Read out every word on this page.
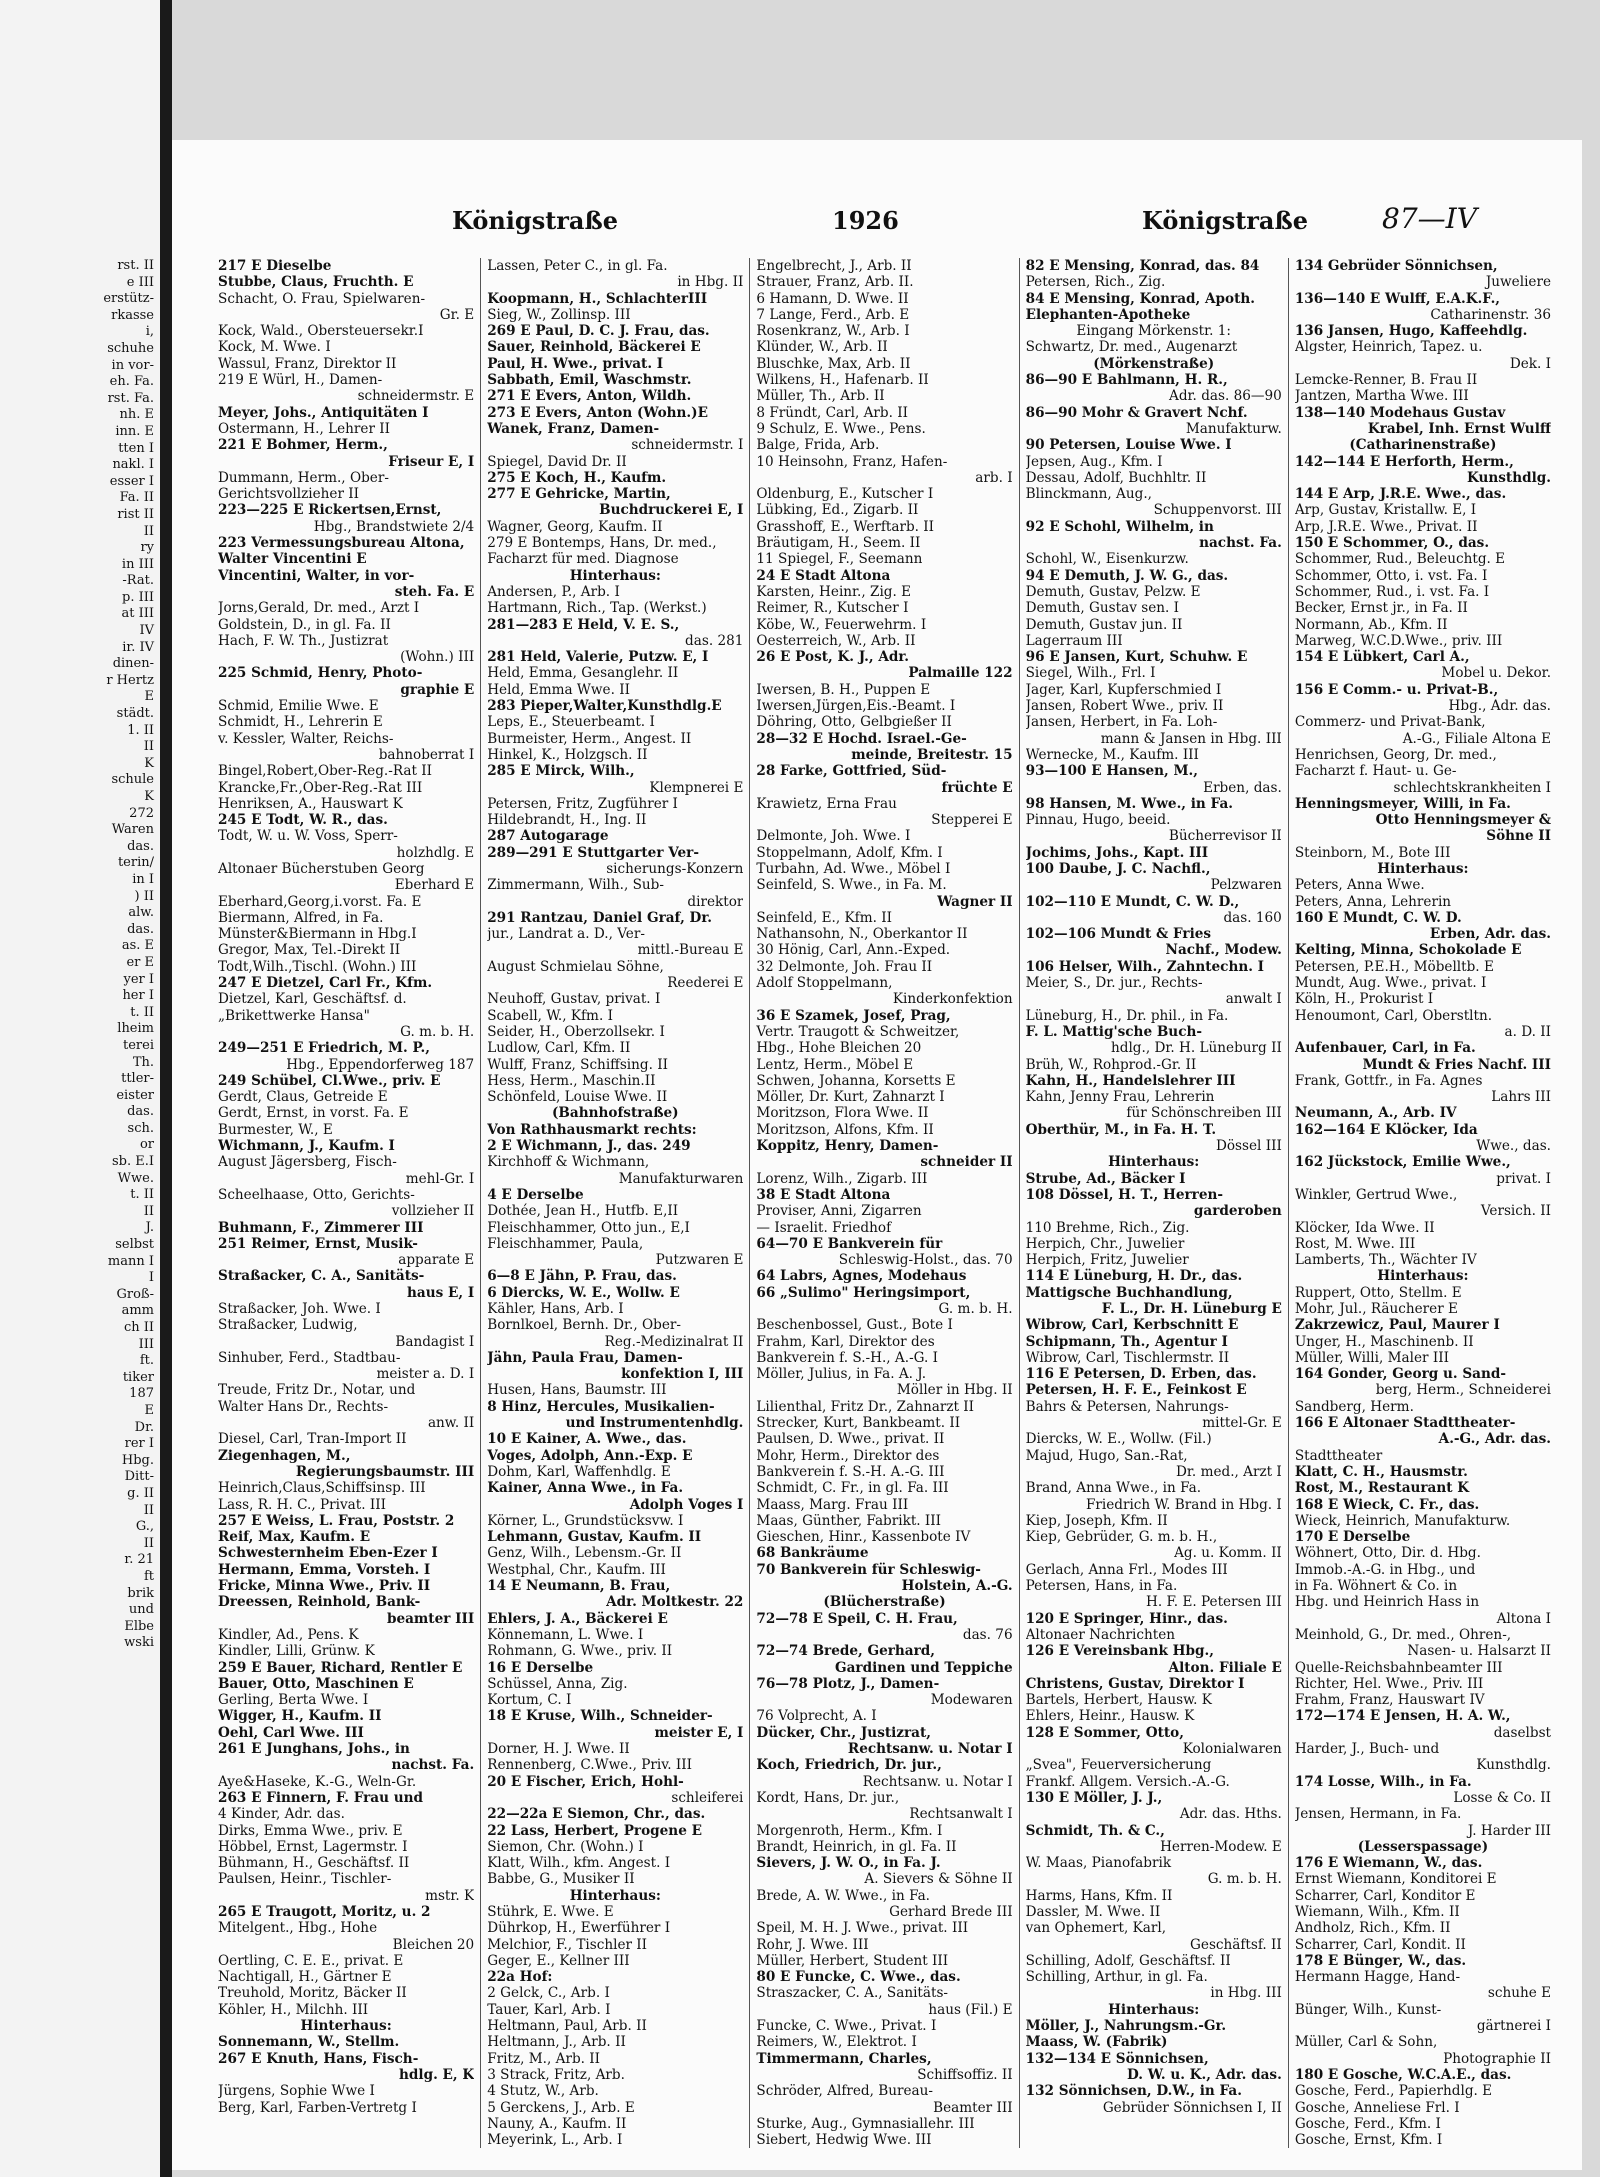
rst. II
e III
erstütz-
rkasse
i,
schuhe
in vor-
eh. Fa.
rst. Fa.
nh. E
inn. E
tten I
nakl. I
esser I
Fa. II
rist II
II
ry
in III
-Rat.
p. III
at III
IV
ir. IV
dinen-
r Hertz
E
städt.
1. II
II
K
schule
K
272
Waren
das.
terin/
in I
) II
alw.
das.
as. E
er E
yer I
her I
t. II
lheim
terei
Th.
ttler-
eister
das.
sch.
or
sb. E.I
Wwe.
t. II
II
J.
selbst
mann I
I
Groß-
amm
ch II
III
ft.
tiker
187
E
Dr.
rer I
Hbg.
Ditt-
g. II
II
G.,
II
r. 21
ft
brik
und
Elbe
wski
Königstraße	1926	Königstraße	87—IV
217 E Dieselbe
Stubbe, Claus, Fruchth. E
Schacht, O. Frau, Spielwaren-
Gr. E
Kock, Wald., Obersteuersekr.I
Kock, M. Wwe. I
Wassul, Franz, Direktor II
219 E Würl, H., Damen-
schneidermstr. E
Meyer, Johs., Antiquitäten I
Ostermann, H., Lehrer II
221 E Bohmer, Herm.,
Friseur E, I
Dummann, Herm., Ober-
Gerichtsvollzieher II
223—225 E Rickertsen,Ernst,
Hbg., Brandstwiete 2/4
223 Vermessungsbureau Altona,
Walter Vincentini E
Vincentini, Walter, in vor-
steh. Fa. E
Jorns,Gerald, Dr. med., Arzt I
Goldstein, D., in gl. Fa. II
Hach, F. W. Th., Justizrat
(Wohn.) III
225 Schmid, Henry, Photo-
graphie E
Schmid, Emilie Wwe. E
Schmidt, H., Lehrerin E
v. Kessler, Walter, Reichs-
bahnoberrat I
Bingel,Robert,Ober-Reg.-Rat II
Krancke,Fr.,Ober-Reg.-Rat III
Henriksen, A., Hauswart K
245 E Todt, W. R., das.
Todt, W. u. W. Voss, Sperr-
holzhdlg. E
Altonaer Bücherstuben Georg
Eberhard E
Eberhard,Georg,i.vorst. Fa. E
Biermann, Alfred, in Fa.
Münster&Biermann in Hbg.I
Gregor, Max, Tel.-Direkt II
Todt,Wilh.,Tischl. (Wohn.) III
247 E Dietzel, Carl Fr., Kfm.
Dietzel, Karl, Geschäftsf. d.
„Brikettwerke Hansa"
G. m. b. H.
249—251 E Friedrich, M. P.,
Hbg., Eppendorferweg 187
249 Schübel, Cl.Wwe., priv. E
Gerdt, Claus, Getreide E
Gerdt, Ernst, in vorst. Fa. E
Burmester, W., E
Wichmann, J., Kaufm. I
August Jägersberg, Fisch-
mehl-Gr. I
Scheelhaase, Otto, Gerichts-
vollzieher II
Buhmann, F., Zimmerer III
251 Reimer, Ernst, Musik-
apparate E
Straßacker, C. A., Sanitäts-
haus E, I
Straßacker, Joh. Wwe. I
Straßacker, Ludwig,
Bandagist I
Sinhuber, Ferd., Stadtbau-
meister a. D. I
Treude, Fritz Dr., Notar, und
Walter Hans Dr., Rechts-
anw. II
Diesel, Carl, Tran-Import II
Ziegenhagen, M.,
Regierungsbaumstr. III
Heinrich,Claus,Schiffsinsp. III
Lass, R. H. C., Privat. III
257 E Weiss, L. Frau, Poststr. 2
Reif, Max, Kaufm. E
Schwesternheim Eben-Ezer I
Hermann, Emma, Vorsteh. I
Fricke, Minna Wwe., Priv. II
Dreessen, Reinhold, Bank-
beamter III
Kindler, Ad., Pens. K
Kindler, Lilli, Grünw. K
259 E Bauer, Richard, Rentler E
Bauer, Otto, Maschinen E
Gerling, Berta Wwe. I
Wigger, H., Kaufm. II
Oehl, Carl Wwe. III
261 E Junghans, Johs., in
nachst. Fa.
Aye&Haseke, K.-G., Weln-Gr.
263 E Finnern, F. Frau und
4 Kinder, Adr. das.
Dirks, Emma Wwe., priv. E
Höbbel, Ernst, Lagermstr. I
Bühmann, H., Geschäftsf. II
Paulsen, Heinr., Tischler-
mstr. K
265 E Traugott, Moritz, u. 2
Mitelgent., Hbg., Hohe
Bleichen 20
Oertling, C. E. E., privat. E
Nachtigall, H., Gärtner E
Treuhold, Moritz, Bäcker II
Köhler, H., Milchh. III
Hinterhaus:
Sonnemann, W., Stellm.
267 E Knuth, Hans, Fisch-
hdlg. E, K
Jürgens, Sophie Wwe I
Berg, Karl, Farben-Vertretg I
Lassen, Peter C., in gl. Fa.
in Hbg. II
Koopmann, H., SchlachterIII
Sieg, W., Zollinsp. III
269 E Paul, D. C. J. Frau, das.
Sauer, Reinhold, Bäckerei E
Paul, H. Wwe., privat. I
Sabbath, Emil, Waschmstr.
271 E Evers, Anton, Wildh.
273 E Evers, Anton (Wohn.)E
Wanek, Franz, Damen-
schneidermstr. I
Spiegel, David Dr. II
275 E Koch, H., Kaufm.
277 E Gehricke, Martin,
Buchdruckerei E, I
Wagner, Georg, Kaufm. II
279 E Bontemps, Hans, Dr. med.,
Facharzt für med. Diagnose
Hinterhaus:
Andersen, P., Arb. I
Hartmann, Rich., Tap. (Werkst.)
281—283 E Held, V. E. S.,
das. 281
281 Held, Valerie, Putzw. E, I
Held, Emma, Gesanglehr. II
Held, Emma Wwe. II
283 Pieper,Walter,Kunsthdlg.E
Leps, E., Steuerbeamt. I
Burmeister, Herm., Angest. II
Hinkel, K., Holzgsch. II
285 E Mirck, Wilh.,
Klempnerei E
Petersen, Fritz, Zugführer I
Hildebrandt, H., Ing. II
287 Autogarage
289—291 E Stuttgarter Ver-
sicherungs-Konzern
Zimmermann, Wilh., Sub-
direktor
291 Rantzau, Daniel Graf, Dr.
jur., Landrat a. D., Ver-
mittl.-Bureau E
August Schmielau Söhne,
Reederei E
Neuhoff, Gustav, privat. I
Scabell, W., Kfm. I
Seider, H., Oberzollsekr. I
Ludlow, Carl, Kfm. II
Wulff, Franz, Schiffsing. II
Hess, Herm., Maschin.II
Schönfeld, Louise Wwe. II
(Bahnhofstraße)
Von Rathhausmarkt rechts:
2 E Wichmann, J., das. 249
Kirchhoff & Wichmann,
Manufakturwaren
4 E Derselbe
Dothée, Jean H., Hutfb. E,II
Fleischhammer, Otto jun., E,I
Fleischhammer, Paula,
Putzwaren E
6—8 E Jähn, P. Frau, das.
6 Diercks, W. E., Wollw. E
Kähler, Hans, Arb. I
Bornlkoel, Bernh. Dr., Ober-
Reg.-Medizinalrat II
Jähn, Paula Frau, Damen-
konfektion I, III
Husen, Hans, Baumstr. III
8 Hinz, Hercules, Musikalien-
und Instrumentenhdlg.
10 E Kainer, A. Wwe., das.
Voges, Adolph, Ann.-Exp. E
Dohm, Karl, Waffenhdlg. E
Kainer, Anna Wwe., in Fa.
Adolph Voges I
Körner, L., Grundstücksvw. I
Lehmann, Gustav, Kaufm. II
Genz, Wilh., Lebensm.-Gr. II
Westphal, Chr., Kaufm. III
14 E Neumann, B. Frau,
Adr. Moltkestr. 22
Ehlers, J. A., Bäckerei E
Könnemann, L. Wwe. I
Rohmann, G. Wwe., priv. II
16 E Derselbe
Schüssel, Anna, Zig.
Kortum, C. I
18 E Kruse, Wilh., Schneider-
meister E, I
Dorner, H. J. Wwe. II
Rennenberg, C.Wwe., Priv. III
20 E Fischer, Erich, Hohl-
schleiferei
22—22a E Siemon, Chr., das.
22 Lass, Herbert, Progene E
Siemon, Chr. (Wohn.) I
Klatt, Wilh., kfm. Angest. I
Babbe, G., Musiker II
Hinterhaus:
Stührk, E. Wwe. E
Dührkop, H., Ewerführer I
Melchior, F., Tischler II
Geger, E., Kellner III
22a Hof:
2 Gelck, C., Arb. I
Tauer, Karl, Arb. I
Heltmann, Paul, Arb. II
Heltmann, J., Arb. II
Fritz, M., Arb. II
3 Strack, Fritz, Arb.
4 Stutz, W., Arb.
5 Gerckens, J., Arb. E
Nauny, A., Kaufm. II
Meyerink, L., Arb. I
Engelbrecht, J., Arb. II
Strauer, Franz, Arb. II.
6 Hamann, D. Wwe. II
7 Lange, Ferd., Arb. E
Rosenkranz, W., Arb. I
Klünder, W., Arb. II
Bluschke, Max, Arb. II
Wilkens, H., Hafenarb. II
Müller, Th., Arb. II
8 Fründt, Carl, Arb. II
9 Schulz, E. Wwe., Pens.
Balge, Frida, Arb.
10 Heinsohn, Franz, Hafen-
arb. I
Oldenburg, E., Kutscher I
Lübking, Ed., Zigarb. II
Grasshoff, E., Werftarb. II
Bräutigam, H., Seem. II
11 Spiegel, F., Seemann
24 E Stadt Altona
Karsten, Heinr., Zig. E
Reimer, R., Kutscher I
Köbe, W., Feuerwehrm. I
Oesterreich, W., Arb. II
26 E Post, K. J., Adr.
Palmaille 122
Iwersen, B. H., Puppen E
Iwersen,Jürgen,Eis.-Beamt. I
Döhring, Otto, Gelbgießer II
28—32 E Hochd. Israel.-Ge-
meinde, Breitestr. 15
28 Farke, Gottfried, Süd-
früchte E
Krawietz, Erna Frau
Stepperei E
Delmonte, Joh. Wwe. I
Stoppelmann, Adolf, Kfm. I
Turbahn, Ad. Wwe., Möbel I
Seinfeld, S. Wwe., in Fa. M.
Wagner II
Seinfeld, E., Kfm. II
Nathansohn, N., Oberkantor II
30 Hönig, Carl, Ann.-Exped.
32 Delmonte, Joh. Frau II
Adolf Stoppelmann,
Kinderkonfektion
36 E Szamek, Josef, Prag,
Vertr. Traugott & Schweitzer,
Hbg., Hohe Bleichen 20
Lentz, Herm., Möbel E
Schwen, Johanna, Korsetts E
Möller, Dr. Kurt, Zahnarzt I
Moritzson, Flora Wwe. II
Moritzson, Alfons, Kfm. II
Koppitz, Henry, Damen-
schneider II
Lorenz, Wilh., Zigarb. III
38 E Stadt Altona
Proviser, Anni, Zigarren
— Israelit. Friedhof
64—70 E Bankverein für
Schleswig-Holst., das. 70
64 Labrs, Agnes, Modehaus
66 „Sulimo" Heringsimport,
G. m. b. H.
Beschenbossel, Gust., Bote I
Frahm, Karl, Direktor des
Bankverein f. S.-H., A.-G. I
Möller, Julius, in Fa. A. J.
Möller in Hbg. II
Lilienthal, Fritz Dr., Zahnarzt II
Strecker, Kurt, Bankbeamt. II
Paulsen, D. Wwe., privat. II
Mohr, Herm., Direktor des
Bankverein f. S.-H. A.-G. III
Schmidt, C. Fr., in gl. Fa. III
Maass, Marg. Frau III
Maas, Günther, Fabrikt. III
Gieschen, Hinr., Kassenbote IV
68 Bankräume
70 Bankverein für Schleswig-
Holstein, A.-G.
(Blücherstraße)
72—78 E Speil, C. H. Frau,
das. 76
72—74 Brede, Gerhard,
Gardinen und Teppiche
76—78 Plotz, J., Damen-
Modewaren
76 Volprecht, A. I
Dücker, Chr., Justizrat,
Rechtsanw. u. Notar I
Koch, Friedrich, Dr. jur.,
Rechtsanw. u. Notar I
Kordt, Hans, Dr. jur.,
Rechtsanwalt I
Morgenroth, Herm., Kfm. I
Brandt, Heinrich, in gl. Fa. II
Sievers, J. W. O., in Fa. J.
A. Sievers & Söhne II
Brede, A. W. Wwe., in Fa.
Gerhard Brede III
Speil, M. H. J. Wwe., privat. III
Rohr, J. Wwe. III
Müller, Herbert, Student III
80 E Funcke, C. Wwe., das.
Straszacker, C. A., Sanitäts-
haus (Fil.) E
Funcke, C. Wwe., Privat. I
Reimers, W., Elektrot. I
Timmermann, Charles,
Schiffsoffiz. II
Schröder, Alfred, Bureau-
Beamter III
Sturke, Aug., Gymnasiallehr. III
Siebert, Hedwig Wwe. III
82 E Mensing, Konrad, das. 84
Petersen, Rich., Zig.
84 E Mensing, Konrad, Apoth.
Elephanten-Apotheke
Eingang Mörkenstr. 1:
Schwartz, Dr. med., Augenarzt
(Mörkenstraße)
86—90 E Bahlmann, H. R.,
Adr. das. 86—90
86—90 Mohr & Gravert Nchf.
Manufakturw.
90 Petersen, Louise Wwe. I
Jepsen, Aug., Kfm. I
Dessau, Adolf, Buchhltr. II
Blinckmann, Aug.,
Schuppenvorst. III
92 E Schohl, Wilhelm, in
nachst. Fa.
Schohl, W., Eisenkurzw.
94 E Demuth, J. W. G., das.
Demuth, Gustav, Pelzw. E
Demuth, Gustav sen. I
Demuth, Gustav jun. II
Lagerraum III
96 E Jansen, Kurt, Schuhw. E
Siegel, Wilh., Frl. I
Jager, Karl, Kupferschmied I
Jansen, Robert Wwe., priv. II
Jansen, Herbert, in Fa. Loh-
mann & Jansen in Hbg. III
Wernecke, M., Kaufm. III
93—100 E Hansen, M.,
Erben, das.
98 Hansen, M. Wwe., in Fa.
Pinnau, Hugo, beeid.
Bücherrevisor II
Jochims, Johs., Kapt. III
100 Daube, J. C. Nachfl.,
Pelzwaren
102—110 E Mundt, C. W. D.,
das. 160
102—106 Mundt & Fries
Nachf., Modew.
106 Helser, Wilh., Zahntechn. I
Meier, S., Dr. jur., Rechts-
anwalt I
Lüneburg, H., Dr. phil., in Fa.
F. L. Mattig'sche Buch-
hdlg., Dr. H. Lüneburg II
Brüh, W., Rohprod.-Gr. II
Kahn, H., Handelslehrer III
Kahn, Jenny Frau, Lehrerin
für Schönschreiben III
Oberthür, M., in Fa. H. T.
Dössel III
Hinterhaus:
Strube, Ad., Bäcker I
108 Dössel, H. T., Herren-
garderoben
110 Brehme, Rich., Zig.
Herpich, Chr., Juwelier
Herpich, Fritz, Juwelier
114 E Lüneburg, H. Dr., das.
Mattigsche Buchhandlung,
F. L., Dr. H. Lüneburg E
Wibrow, Carl, Kerbschnitt E
Schipmann, Th., Agentur I
Wibrow, Carl, Tischlermstr. II
116 E Petersen, D. Erben, das.
Petersen, H. F. E., Feinkost E
Bahrs & Petersen, Nahrungs-
mittel-Gr. E
Diercks, W. E., Wollw. (Fil.)
Majud, Hugo, San.-Rat,
Dr. med., Arzt I
Brand, Anna Wwe., in Fa.
Friedrich W. Brand in Hbg. I
Kiep, Joseph, Kfm. II
Kiep, Gebrüder, G. m. b. H.,
Ag. u. Komm. II
Gerlach, Anna Frl., Modes III
Petersen, Hans, in Fa.
H. F. E. Petersen III
120 E Springer, Hinr., das.
Altonaer Nachrichten
126 E Vereinsbank Hbg.,
Alton. Filiale E
Christens, Gustav, Direktor I
Bartels, Herbert, Hausw. K
Ehlers, Heinr., Hausw. K
128 E Sommer, Otto,
Kolonialwaren
„Svea", Feuerversicherung
Frankf. Allgem. Versich.-A.-G.
130 E Möller, J. J.,
Adr. das. Hths.
Schmidt, Th. & C.,
Herren-Modew. E
W. Maas, Pianofabrik
G. m. b. H.
Harms, Hans, Kfm. II
Dassler, M. Wwe. II
van Ophemert, Karl,
Geschäftsf. II
Schilling, Adolf, Geschäftsf. II
Schilling, Arthur, in gl. Fa.
in Hbg. III
Hinterhaus:
Möller, J., Nahrungsm.-Gr.
Maass, W. (Fabrik)
132—134 E Sönnichsen,
D. W. u. K., Adr. das.
132 Sönnichsen, D.W., in Fa.
Gebrüder Sönnichsen I, II
134 Gebrüder Sönnichsen,
Juweliere
136—140 E Wulff, E.A.K.F.,
Catharinenstr. 36
136 Jansen, Hugo, Kaffeehdlg.
Algster, Heinrich, Tapez. u.
Dek. I
Lemcke-Renner, B. Frau II
Jantzen, Martha Wwe. III
138—140 Modehaus Gustav
Krabel, Inh. Ernst Wulff
(Catharinenstraße)
142—144 E Herforth, Herm.,
Kunsthdlg.
144 E Arp, J.R.E. Wwe., das.
Arp, Gustav, Kristallw. E, I
Arp, J.R.E. Wwe., Privat. II
150 E Schommer, O., das.
Schommer, Rud., Beleuchtg. E
Schommer, Otto, i. vst. Fa. I
Schommer, Rud., i. vst. Fa. I
Becker, Ernst jr., in Fa. II
Normann, Ab., Kfm. II
Marweg, W.C.D.Wwe., priv. III
154 E Lübkert, Carl A.,
Mobel u. Dekor.
156 E Comm.- u. Privat-B.,
Hbg., Adr. das.
Commerz- und Privat-Bank,
A.-G., Filiale Altona E
Henrichsen, Georg, Dr. med.,
Facharzt f. Haut- u. Ge-
schlechtskrankheiten I
Henningsmeyer, Willi, in Fa.
Otto Henningsmeyer &
Söhne II
Steinborn, M., Bote III
Hinterhaus:
Peters, Anna Wwe.
Peters, Anna, Lehrerin
160 E Mundt, C. W. D.
Erben, Adr. das.
Kelting, Minna, Schokolade E
Petersen, P.E.H., Möbelltb. E
Mundt, Aug. Wwe., privat. I
Köln, H., Prokurist I
Henoumont, Carl, Oberstltn.
a. D. II
Aufenbauer, Carl, in Fa.
Mundt & Fries Nachf. III
Frank, Gottfr., in Fa. Agnes
Lahrs III
Neumann, A., Arb. IV
162—164 E Klöcker, Ida
Wwe., das.
162 Jückstock, Emilie Wwe.,
privat. I
Winkler, Gertrud Wwe.,
Versich. II
Klöcker, Ida Wwe. II
Rost, M. Wwe. III
Lamberts, Th., Wächter IV
Hinterhaus:
Ruppert, Otto, Stellm. E
Mohr, Jul., Räucherer E
Zakrzewicz, Paul, Maurer I
Unger, H., Maschinenb. II
Müller, Willi, Maler III
164 Gonder, Georg u. Sand-
berg, Herm., Schneiderei
Sandberg, Herm.
166 E Altonaer Stadttheater-
A.-G., Adr. das.
Stadttheater
Klatt, C. H., Hausmstr.
Rost, M., Restaurant K
168 E Wieck, C. Fr., das.
Wieck, Heinrich, Manufakturw.
170 E Derselbe
Wöhnert, Otto, Dir. d. Hbg.
Immob.-A.-G. in Hbg., und
in Fa. Wöhnert & Co. in
Hbg. und Heinrich Hass in
Altona I
Meinhold, G., Dr. med., Ohren-,
Nasen- u. Halsarzt II
Quelle-Reichsbahnbeamter III
Richter, Hel. Wwe., Priv. III
Frahm, Franz, Hauswart IV
172—174 E Jensen, H. A. W.,
daselbst
Harder, J., Buch- und
Kunsthdlg.
174 Losse, Wilh., in Fa.
Losse & Co. II
Jensen, Hermann, in Fa.
J. Harder III
(Lesserspassage)
176 E Wiemann, W., das.
Ernst Wiemann, Konditorei E
Scharrer, Carl, Konditor E
Wiemann, Wilh., Kfm. II
Andholz, Rich., Kfm. II
Scharrer, Carl, Kondit. II
178 E Bünger, W., das.
Hermann Hagge, Hand-
schuhe E
Bünger, Wilh., Kunst-
gärtnerei I
Müller, Carl & Sohn,
Photographie II
180 E Gosche, W.C.A.E., das.
Gosche, Ferd., Papierhdlg. E
Gosche, Anneliese Frl. I
Gosche, Ferd., Kfm. I
Gosche, Ernst, Kfm. I
